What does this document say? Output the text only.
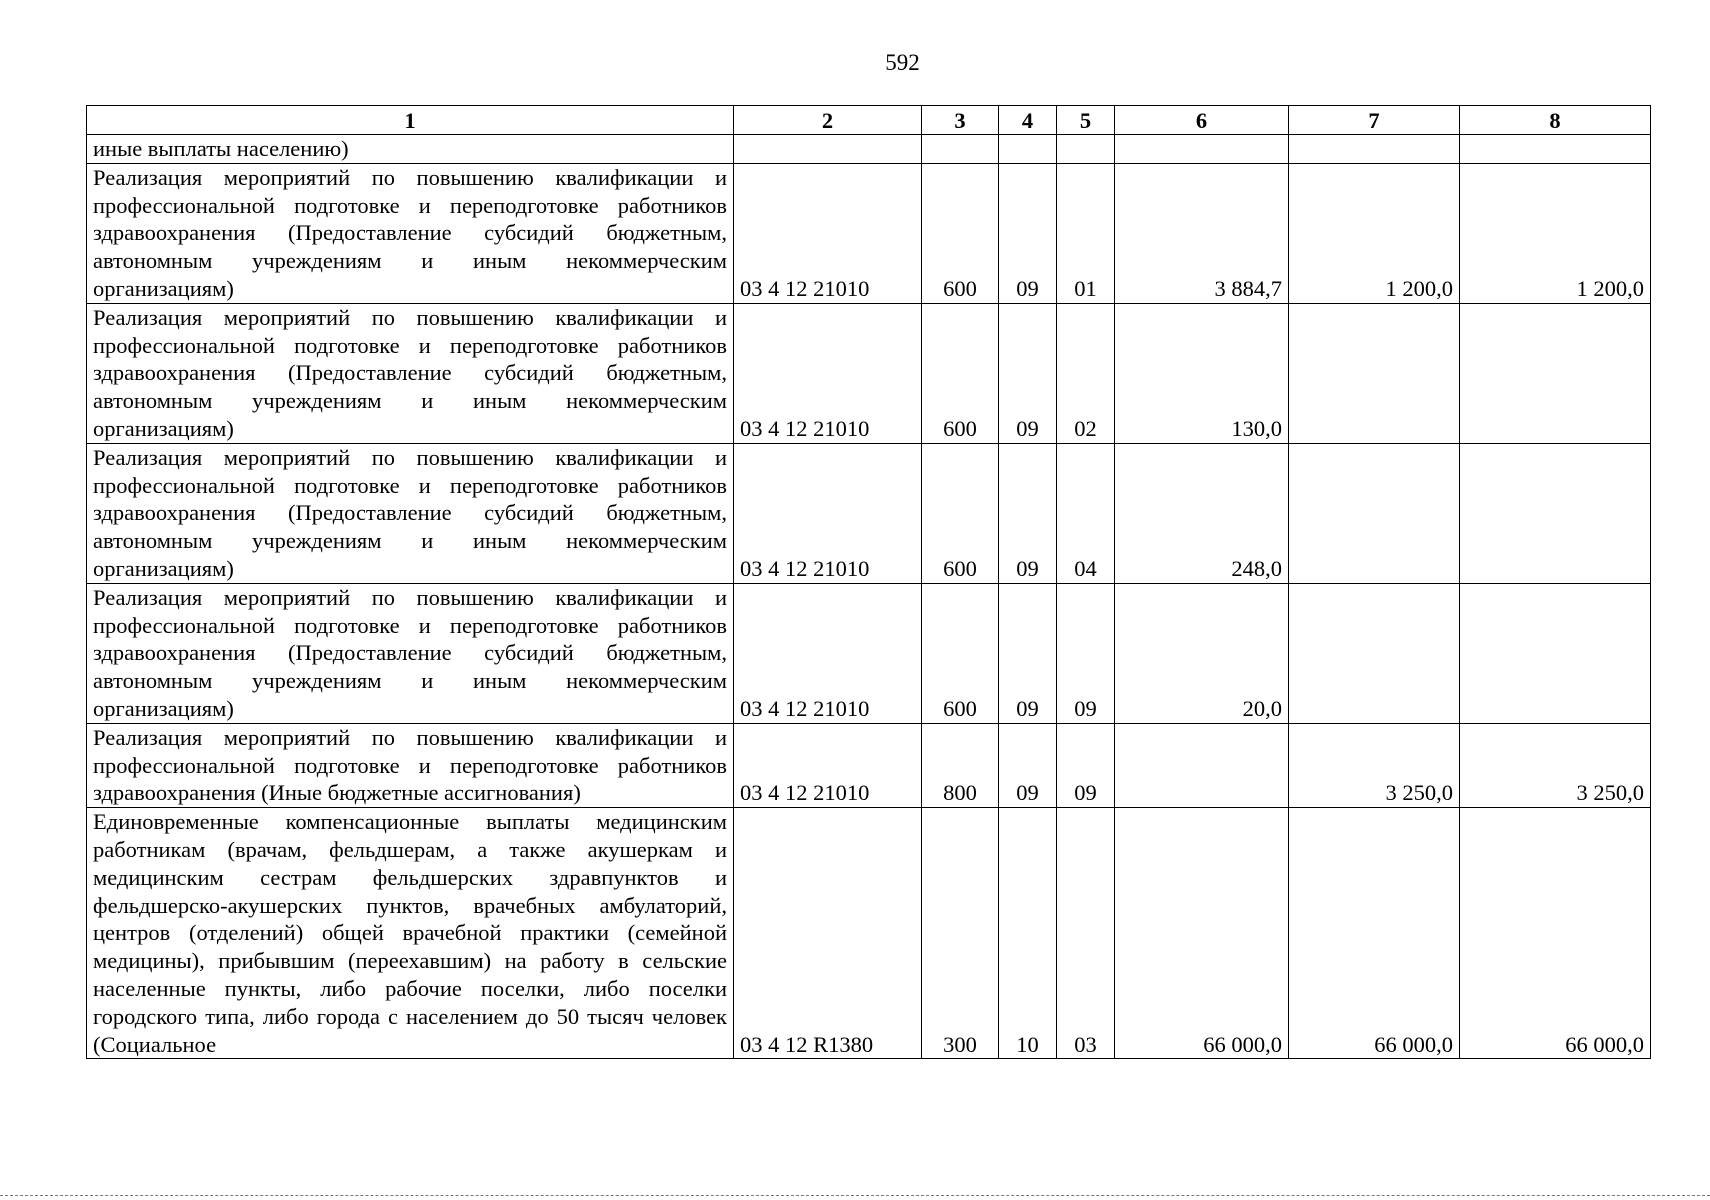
592
1	2	3	4	5	6	7	8
иные выплаты населению)							
Реализация мероприятий по повышению квалификации и профессиональной подготовке и переподготовке работников здравоохранения (Предоставление субсидий бюджетным, автономным учреждениям и иным некоммерческим организациям)	03 4 12 21010	600	09	01	3 884,7	1 200,0	1 200,0
Реализация мероприятий по повышению квалификации и профессиональной подготовке и переподготовке работников здравоохранения (Предоставление субсидий бюджетным, автономным учреждениям и иным некоммерческим организациям)	03 4 12 21010	600	09	02	130,0		
Реализация мероприятий по повышению квалификации и профессиональной подготовке и переподготовке работников здравоохранения (Предоставление субсидий бюджетным, автономным учреждениям и иным некоммерческим организациям)	03 4 12 21010	600	09	04	248,0		
Реализация мероприятий по повышению квалификации и профессиональной подготовке и переподготовке работников здравоохранения (Предоставление субсидий бюджетным, автономным учреждениям и иным некоммерческим организациям)	03 4 12 21010	600	09	09	20,0		
Реализация мероприятий по повышению квалификации и профессиональной подготовке и переподготовке работников здравоохранения (Иные бюджетные ассигнования)	03 4 12 21010	800	09	09		3 250,0	3 250,0
Единовременные компенсационные выплаты медицинским работникам (врачам, фельдшерам, а также акушеркам и медицинским сестрам фельдшерских здравпунктов и фельдшерско-акушерских пунктов, врачебных амбулаторий, центров (отделений) общей врачебной практики (семейной медицины), прибывшим (переехавшим) на работу в сельские населенные пункты, либо рабочие поселки, либо поселки городского типа, либо города с населением до 50 тысяч человек (Социальное	03 4 12 R1380	300	10	03	66 000,0	66 000,0	66 000,0
